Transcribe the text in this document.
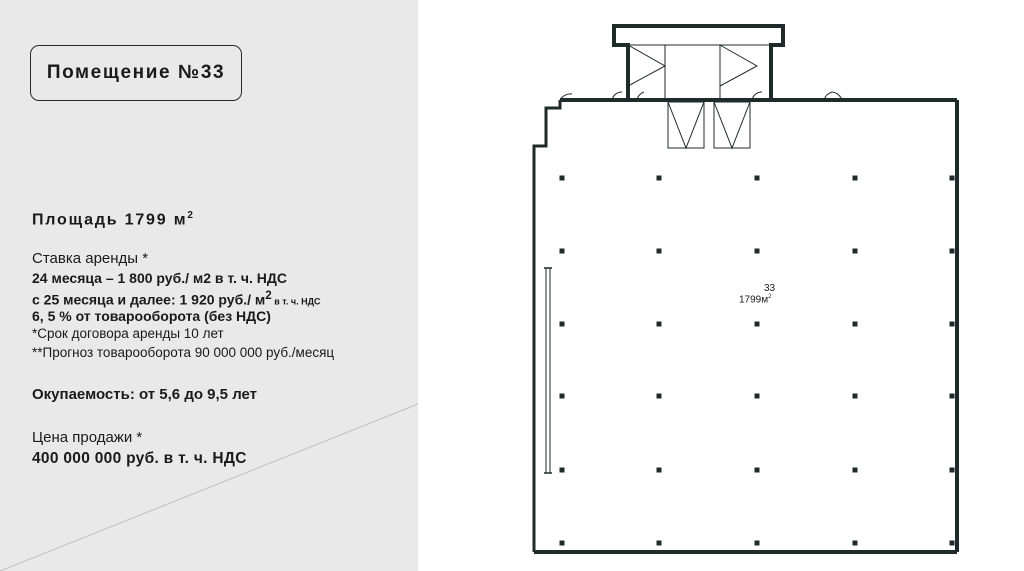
Помещение №33
Площадь 1799 $м^2$
Ставка аренды *
24 месяца – 1 800 руб./ м2 в т. ч. НДС
с 25 месяца и далее: 1 920 руб./ $м^2$ в т. ч. НДС
6, 5 % от товарооборота (без НДС)
*Срок договора аренды 10 лет
**Прогноз товарооборота 90 000 000 руб./месяц
Окупаемость: от 5,6 до 9,5 лет
Цена продажи *
400 000 000 руб. в т. ч. НДС
33
$1799м^2$
